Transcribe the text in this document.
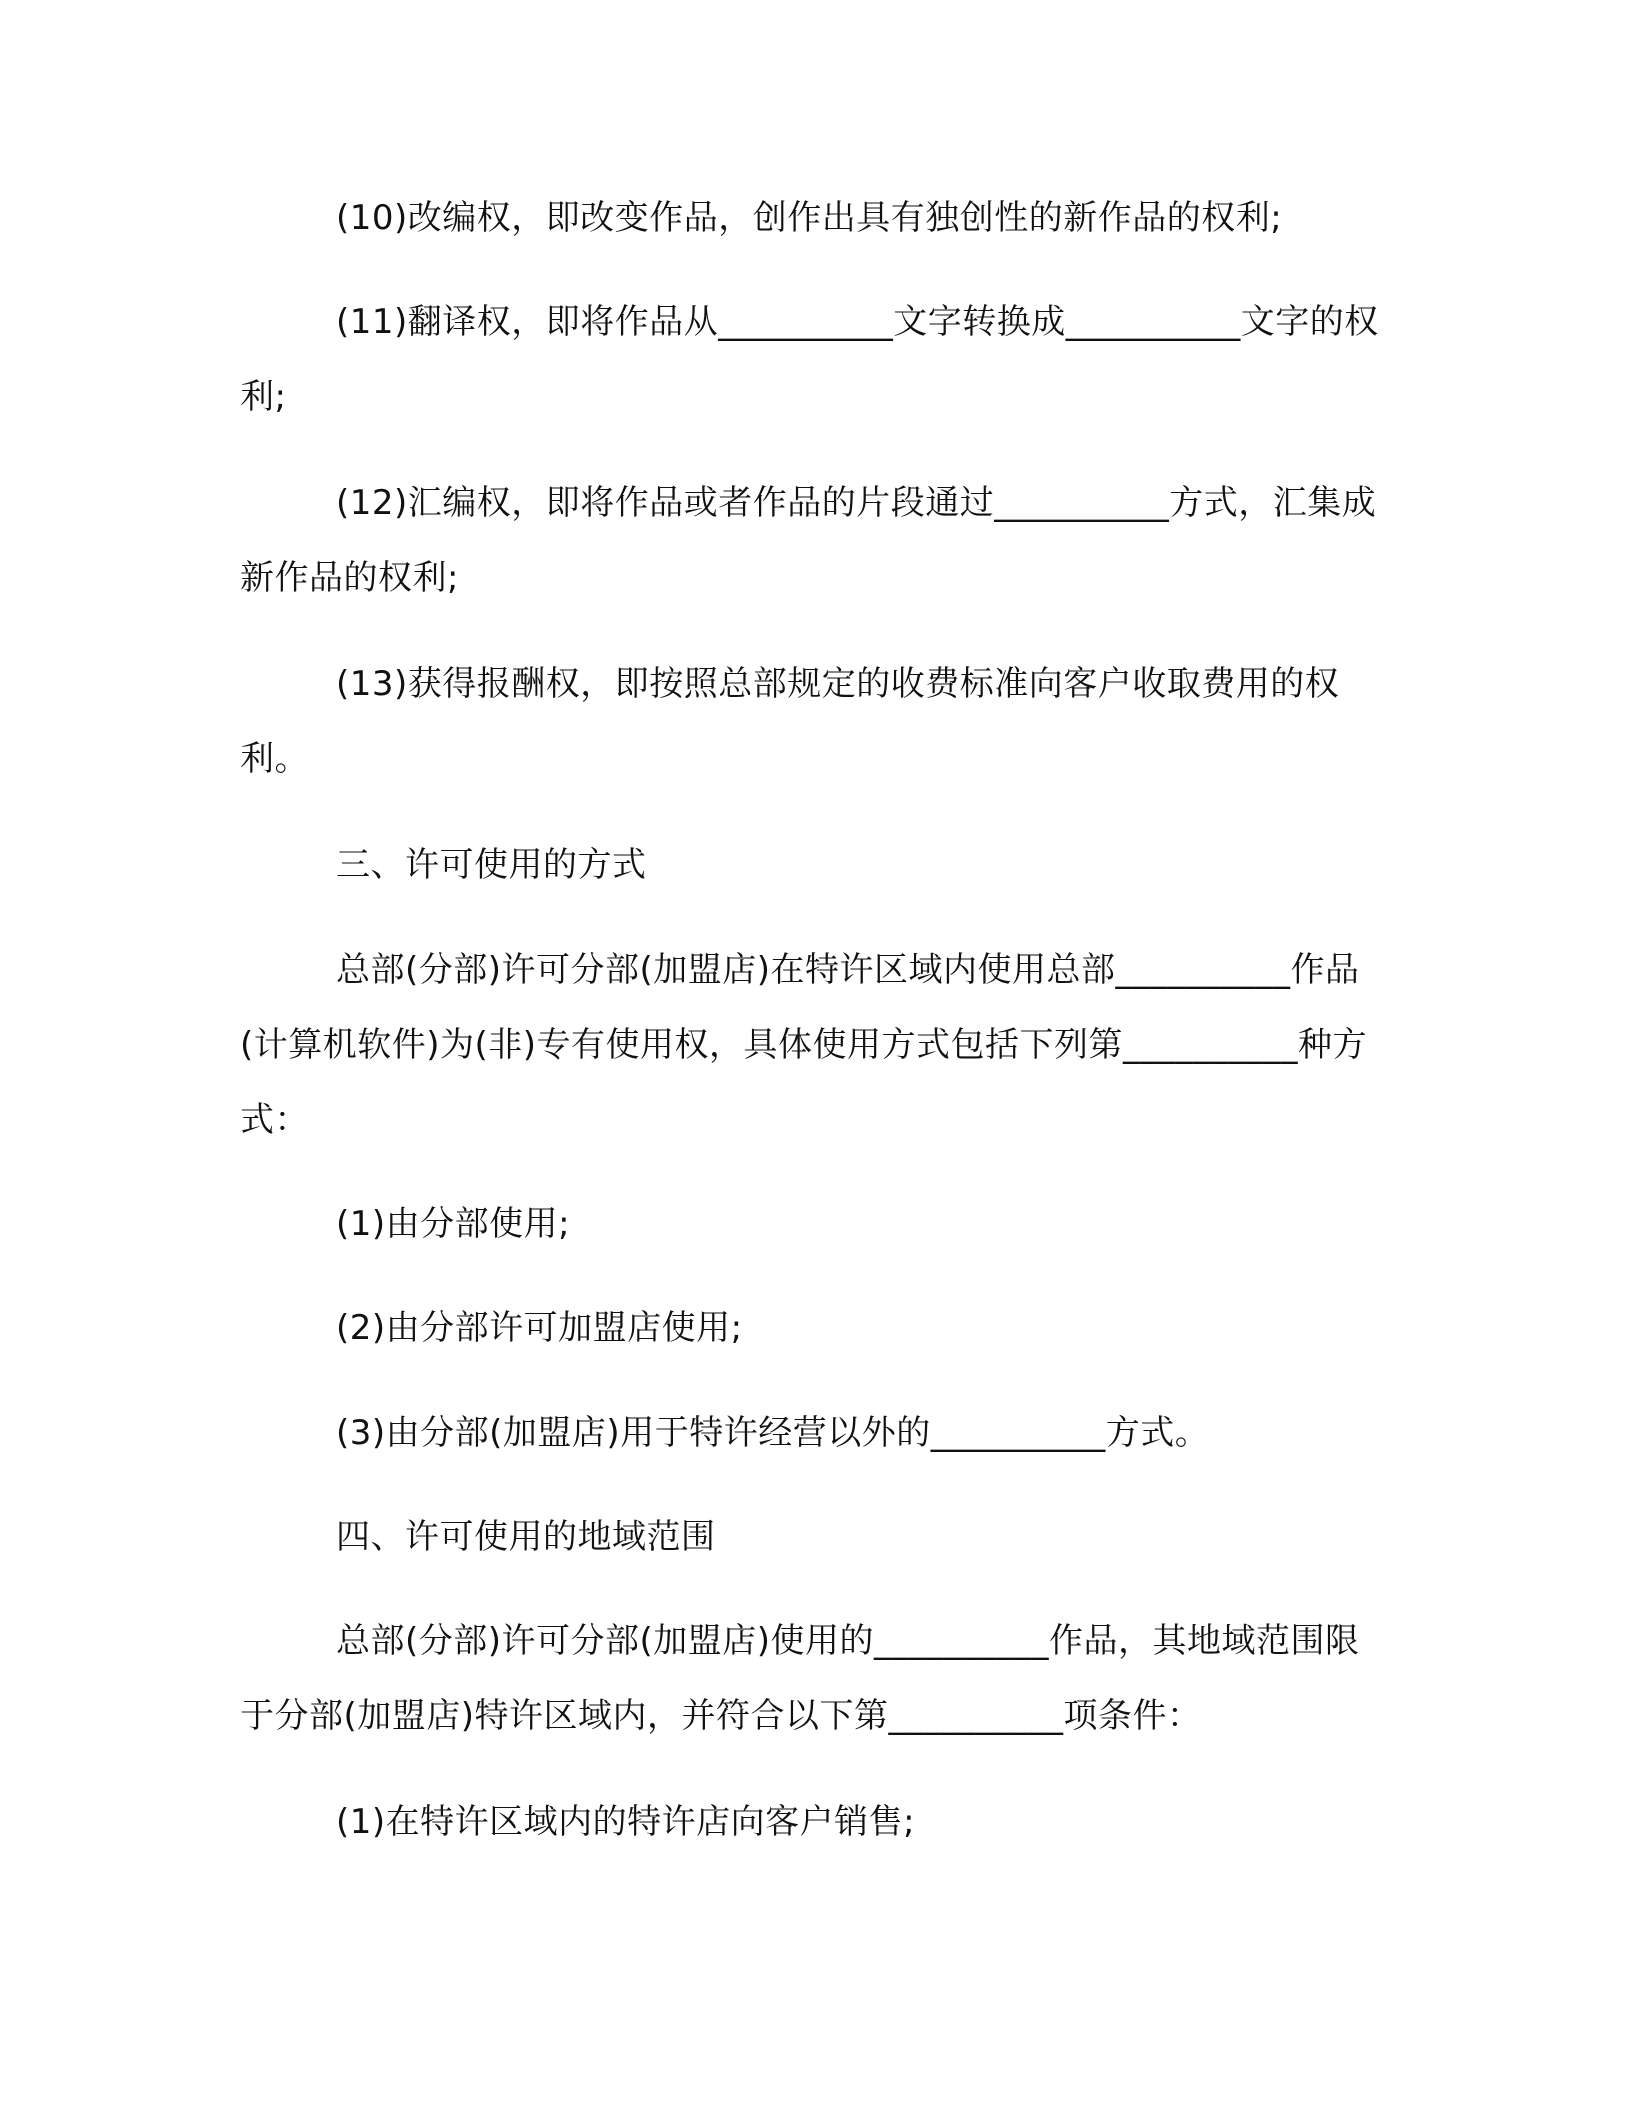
(10)改编权，即改变作品，创作出具有独创性的新作品的权利;

(11)翻译权，即将作品从__________文字转换成__________文字的权利;

(12)汇编权，即将作品或者作品的片段通过__________方式，汇集成新作品的权利;

(13)获得报酬权，即按照总部规定的收费标准向客户收取费用的权利。

三、许可使用的方式

总部(分部)许可分部(加盟店)在特许区域内使用总部__________作品(计算机软件)为(非)专有使用权，具体使用方式包括下列第__________种方式：

(1)由分部使用;

(2)由分部许可加盟店使用;

(3)由分部(加盟店)用于特许经营以外的__________方式。

四、许可使用的地域范围

总部(分部)许可分部(加盟店)使用的__________作品，其地域范围限于分部(加盟店)特许区域内，并符合以下第__________项条件：

(1)在特许区域内的特许店向客户销售;
